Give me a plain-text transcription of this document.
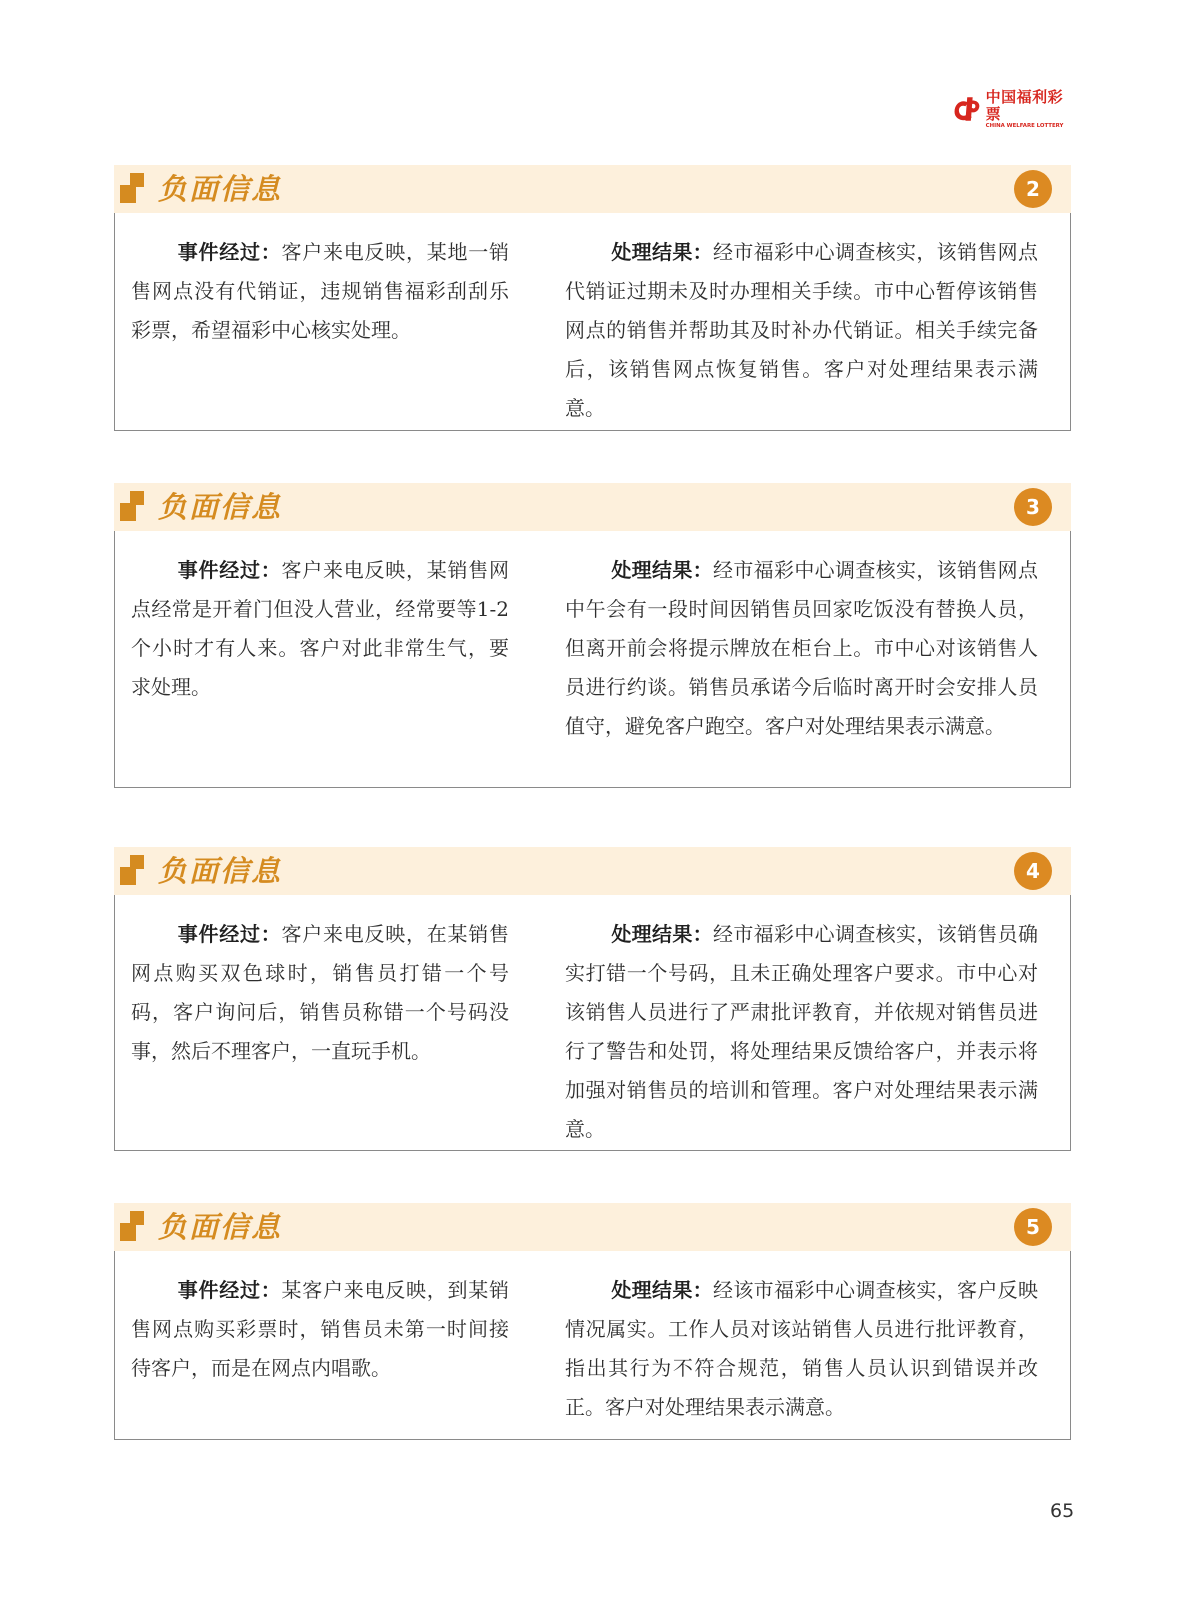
中国福利彩票
CHINA WELFARE LOTTERY
负面信息	2
事件经过：客户来电反映，某地一销售网点没有代销证，违规销售福彩刮刮乐彩票，希望福彩中心核实处理。
处理结果：经市福彩中心调查核实，该销售网点代销证过期未及时办理相关手续。市中心暂停该销售网点的销售并帮助其及时补办代销证。相关手续完备后，该销售网点恢复销售。客户对处理结果表示满意。
负面信息	3
事件经过：客户来电反映，某销售网点经常是开着门但没人营业，经常要等1-2个小时才有人来。客户对此非常生气，要求处理。
处理结果：经市福彩中心调查核实，该销售网点中午会有一段时间因销售员回家吃饭没有替换人员，但离开前会将提示牌放在柜台上。市中心对该销售人员进行约谈。销售员承诺今后临时离开时会安排人员值守，避免客户跑空。客户对处理结果表示满意。
负面信息	4
事件经过：客户来电反映，在某销售网点购买双色球时，销售员打错一个号码，客户询问后，销售员称错一个号码没事，然后不理客户，一直玩手机。
处理结果：经市福彩中心调查核实，该销售员确实打错一个号码，且未正确处理客户要求。市中心对该销售人员进行了严肃批评教育，并依规对销售员进行了警告和处罚，将处理结果反馈给客户，并表示将加强对销售员的培训和管理。客户对处理结果表示满意。
负面信息	5
事件经过：某客户来电反映，到某销售网点购买彩票时，销售员未第一时间接待客户，而是在网点内唱歌。
处理结果：经该市福彩中心调查核实，客户反映情况属实。工作人员对该站销售人员进行批评教育，指出其行为不符合规范，销售人员认识到错误并改正。客户对处理结果表示满意。
65
